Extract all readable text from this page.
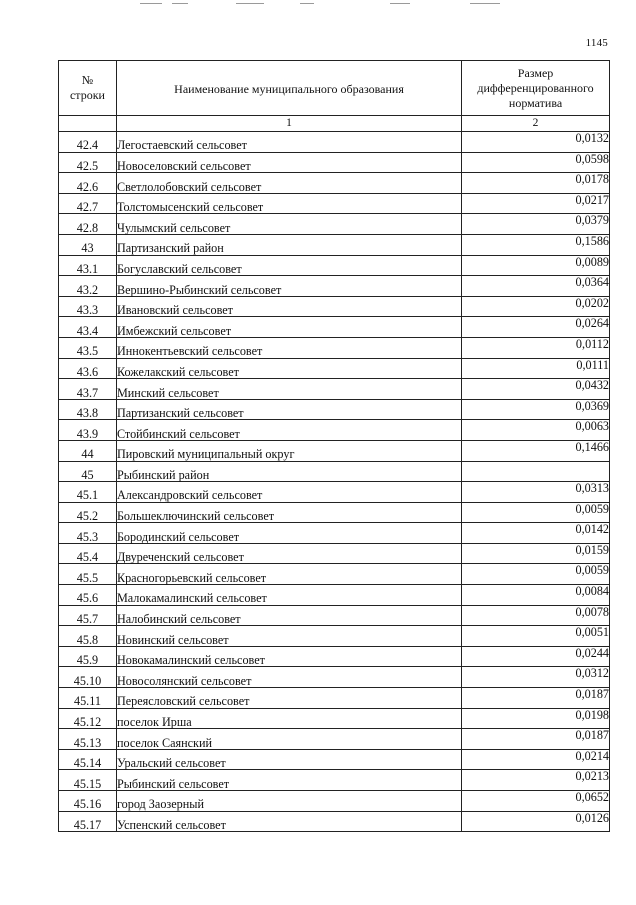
1145
№ строки	Наименование муниципального образования	Размер дифференцированного норматива
	1	2
42.4	Легостаевский сельсовет	0,0132
42.5	Новоселовский сельсовет	0,0598
42.6	Светлолобовский сельсовет	0,0178
42.7	Толстомысенский сельсовет	0,0217
42.8	Чулымский сельсовет	0,0379
43	Партизанский район	0,1586
43.1	Богуславский сельсовет	0,0089
43.2	Вершино-Рыбинский сельсовет	0,0364
43.3	Ивановский сельсовет	0,0202
43.4	Имбежский сельсовет	0,0264
43.5	Иннокентьевский сельсовет	0,0112
43.6	Кожелакский сельсовет	0,0111
43.7	Минский сельсовет	0,0432
43.8	Партизанский сельсовет	0,0369
43.9	Стойбинский сельсовет	0,0063
44	Пировский муниципальный округ	0,1466
45	Рыбинский район	
45.1	Александровский сельсовет	0,0313
45.2	Большеключинский сельсовет	0,0059
45.3	Бородинский сельсовет	0,0142
45.4	Двуреченский сельсовет	0,0159
45.5	Красногорьевский сельсовет	0,0059
45.6	Малокамалинский сельсовет	0,0084
45.7	Налобинский сельсовет	0,0078
45.8	Новинский сельсовет	0,0051
45.9	Новокамалинский сельсовет	0,0244
45.10	Новосолянский сельсовет	0,0312
45.11	Переясловский сельсовет	0,0187
45.12	поселок Ирша	0,0198
45.13	поселок Саянский	0,0187
45.14	Уральский сельсовет	0,0214
45.15	Рыбинский сельсовет	0,0213
45.16	город Заозерный	0,0652
45.17	Успенский сельсовет	0,0126
